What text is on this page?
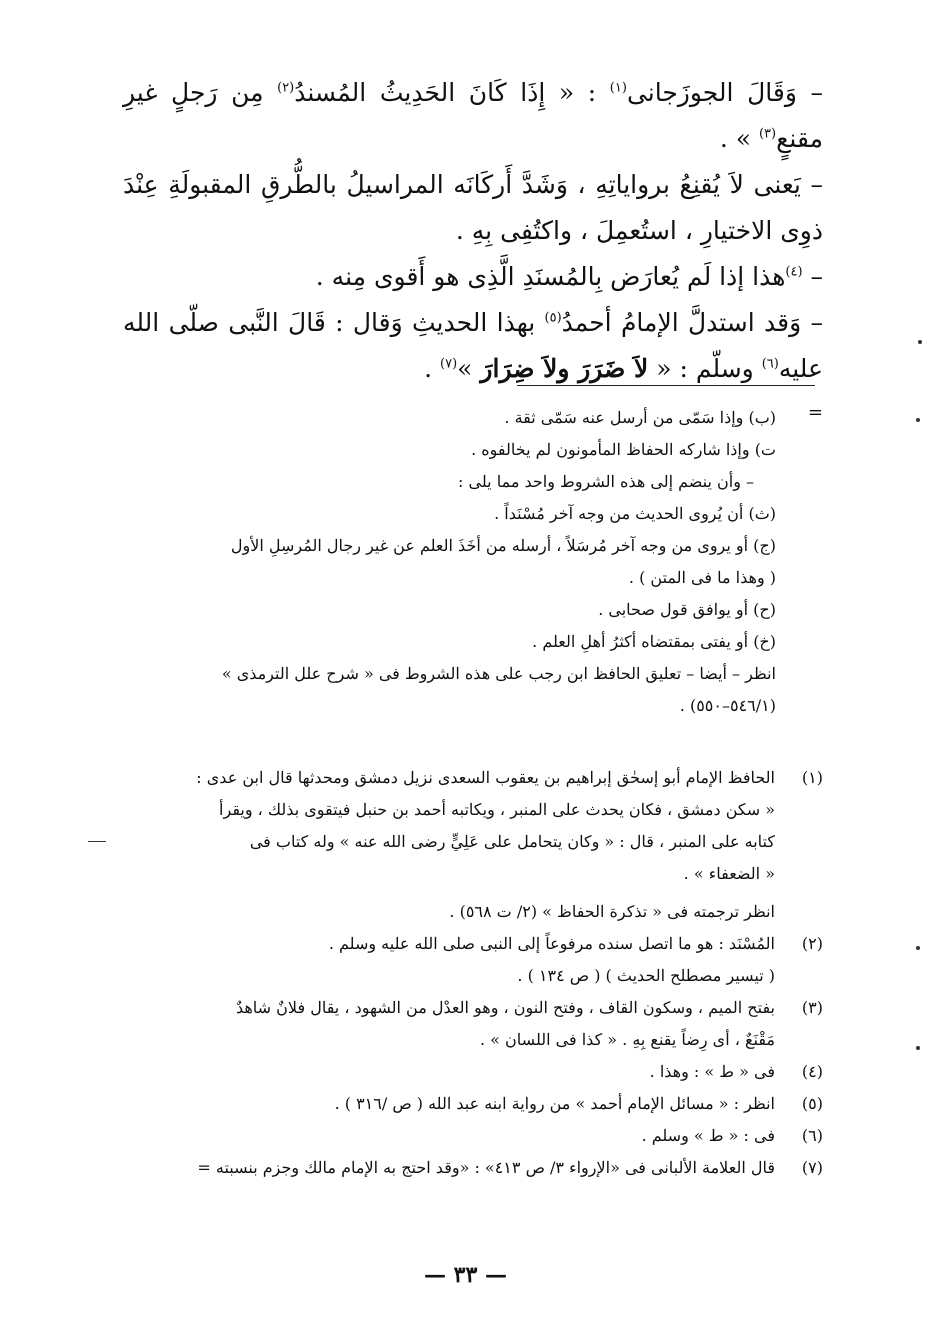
– وَقَالَ الجوزَجانى$^{(١)}$ : « إِذَا كَانَ الحَدِيثُ المُسندُ$^{(٢)}$ مِن رَجلٍ غيرِ مقنعٍ$^{(٣)}$ » .

– يَعنى لاَ يُقنِعُ برواياتِهِ ، وَشَدَّ أَركَانَه المراسيلُ بالطُّرقِ المقبولَةِ عِنْدَ ذوِى الاختيارِ ، استُعمِلَ ، واكتُفِى بِهِ .

– $^{(٤)}$هذا إذا لَم يُعارَض بِالمُسنَدِ الَّذِى هو أَقوى مِنه .

– وَقد استدلَّ الإمامُ أحمدُ$^{(٥)}$ بهذا الحديثِ وَقال : قَالَ النَّبى صلّى الله عليه$^{(٦)}$ وسلّم : « لاَ ضَرَرَ ولاَ ضِرَارَ »$^{(٧)}$ .

=
(ب) وإذا سَمّى من أرسل عنه سَمّى ثقة .
ت) وإذا شاركه الحفاظ المأمونون لم يخالفوه .
– وأن ينضم إلى هذه الشروط واحد مما يلى :
(ث) أن يُروى الحديث من وجه آخر مُسْنَداً .
(ج) أو يروى من وجه آخر مُرسَلاً ، أرسله من أخَذَ العلم عن غير رجال المُرسِلِ الأول
( وهذا ما فى المتن ) .
(ح) أو يوافق قول صحابى .
(خ) أو يفتى بمقتضاه أكثرُ أهلِ العلم .
انظر – أيضا – تعليق الحافظ ابن رجب على هذه الشروط فى « شرح علل الترمذى »
(٥٤٦/١–٥٥٠) .
(١)
الحافظ الإمام أبو إسحٰق إبراهيم بن يعقوب السعدى نزيل دمشق ومحدثها قال ابن عدى :
« سكن دمشق ، فكان يحدث على المنبر ، ويكاتبه أحمد بن حنبل فيتقوى بذلك ، ويقرأ
كتابه على المنبر ، قال : « وكان يتحامل على عَلِيٍّ رضى الله عنه » وله كتاب فى
« الضعفاء » .
انظر ترجمته فى « تذكرة الحفاظ » (٢/ ت ٥٦٨) .
(٢)
المُسْنَد : هو ما اتصل سنده مرفوعاً إلى النبى صلى الله عليه وسلم .
( تيسير مصطلح الحديث ) ( ص ١٣٤ ) .
(٣)
بفتح الميم ، وسكون القاف ، وفتح النون ، وهو العدْل من الشهود ، يقال فلانٌ شاهدٌ
مَقْنَعٌ ، أى رِضاً يقنع بِهِ . « كذا فى اللسان » .
(٤)
فى « ط » : وهذا .
(٥)
انظر : « مسائل الإمام أحمد » من رواية ابنه عبد الله ( ص /٣١٦ ) .
(٦)
فى : « ط » وسلم .
(٧)
قال العلامة الألبانى فى «الإرواء ٣/ ص ٤١٣» : «وقد احتج به الإمام مالك وجزم بنسبته =
— ٣٣ —
